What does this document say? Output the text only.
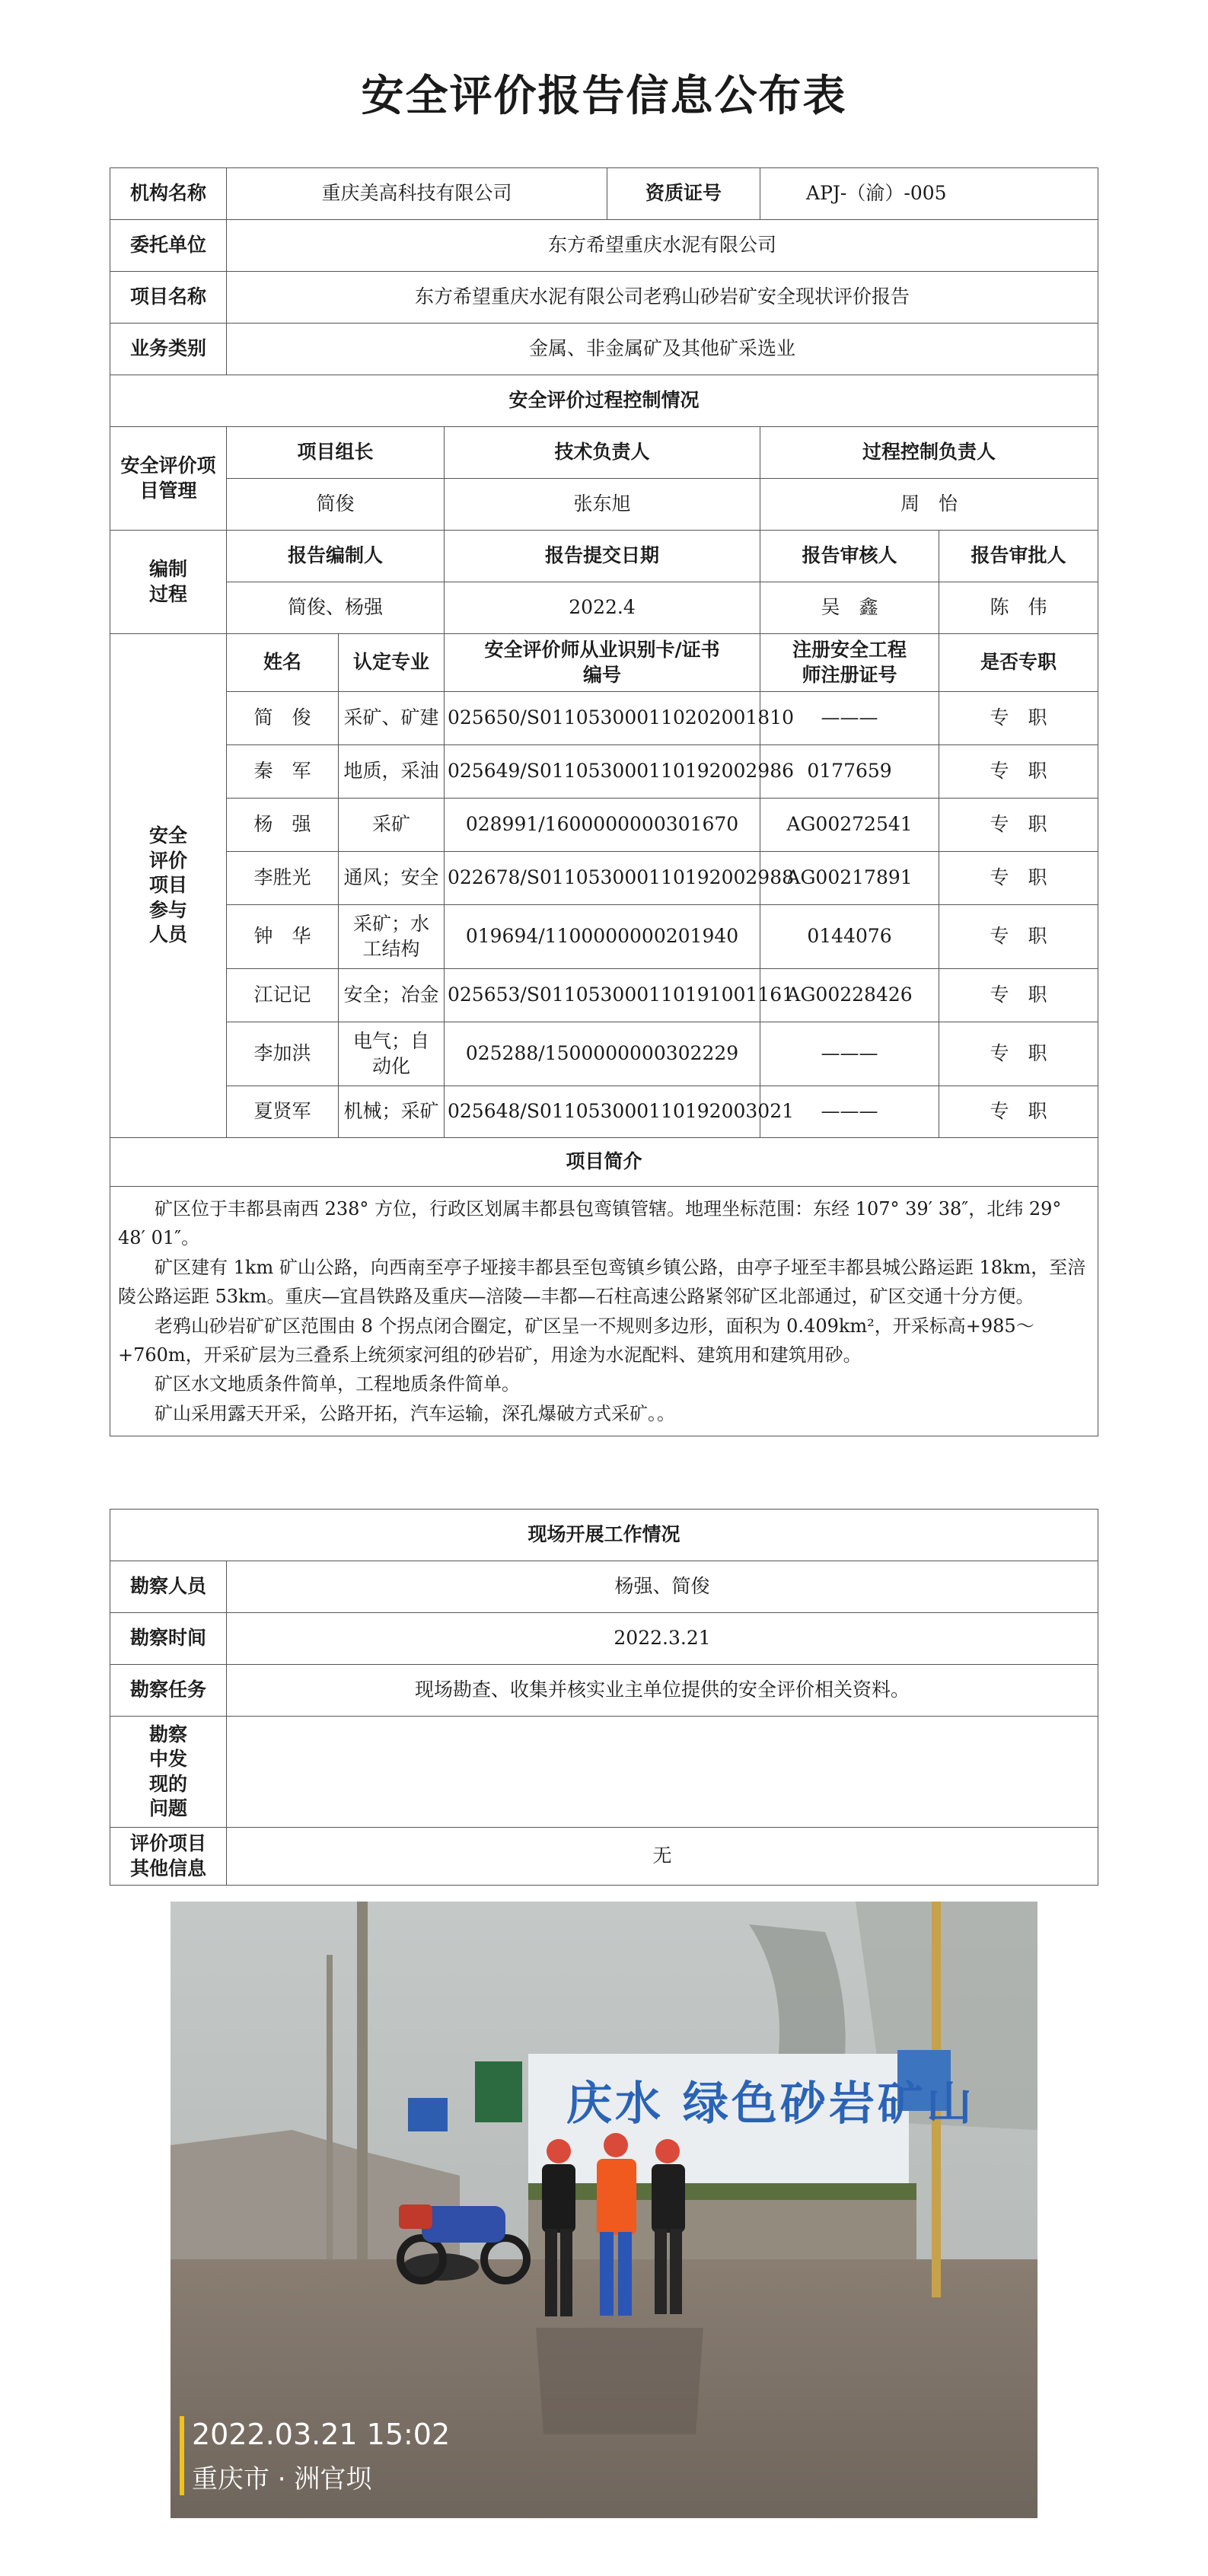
安全评价报告信息公布表
机构名称	重庆美高科技有限公司			资质证号	APJ-（渝）-005	
委托单位	东方希望重庆水泥有限公司					
项目名称	东方希望重庆水泥有限公司老鸦山砂岩矿安全现状评价报告					
业务类别	金属、非金属矿及其他矿采选业					
安全评价过程控制情况						
安全评价项目管理	项目组长		技术负责人		过程控制负责人	
	简俊		张东旭		周　怡	
编制过程	报告编制人		报告提交日期		报告审核人	报告审批人
	简俊、杨强		2022.4		吴　鑫	陈　伟
安全评价项目参与人员	姓名	认定专业	安全评价师从业识别卡/证书编号		注册安全工程师注册证号	是否专职
	简　俊	采矿、矿建	025650/S011053000110202001810		———	专　职
	秦　军	地质，采油	025649/S011053000110192002986		0177659	专　职
	杨　强	采矿	028991/1600000000301670		AG00272541	专　职
	李胜光	通风；安全	022678/S011053000110192002988		AG00217891	专　职
	钟　华	采矿；水工结构	019694/1100000000201940		0144076	专　职
	江记记	安全；冶金	025653/S011053000110191001161		AG00228426	专　职
	李加洪	电气；自动化	025288/1500000000302229		———	专　职
	夏贤军	机械；采矿	025648/S011053000110192003021		———	专　职
项目简介						

矿区位于丰都县南西 238° 方位，行政区划属丰都县包鸾镇管辖。地理坐标范围：东经 107° 39′ 38″，北纬 29° 48′ 01″。

矿区建有 1km 矿山公路，向西南至亭子垭接丰都县至包鸾镇乡镇公路，由亭子垭至丰都县城公路运距 18km，至涪陵公路运距 53km。重庆—宜昌铁路及重庆—涪陵—丰都—石柱高速公路紧邻矿区北部通过，矿区交通十分方便。

老鸦山砂岩矿矿区范围由 8 个拐点闭合圈定，矿区呈一不规则多边形，面积为 0.409km²，开采标高+985～+760m，开采矿层为三叠系上统须家河组的砂岩矿，用途为水泥配料、建筑用和建筑用砂。

矿区水文地质条件简单，工程地质条件简单。

矿山采用露天开采，公路开拓，汽车运输，深孔爆破方式采矿。。						

现场开展工作情况	
勘察人员	杨强、简俊
勘察时间	2022.3.21
勘察任务	现场勘查、收集并核实业主单位提供的安全评价相关资料。
勘察中发现的问题	
评价项目其他信息	无
庆水 绿色砂岩矿山
2022.03.21 15:02
重庆市 · 洲官坝
